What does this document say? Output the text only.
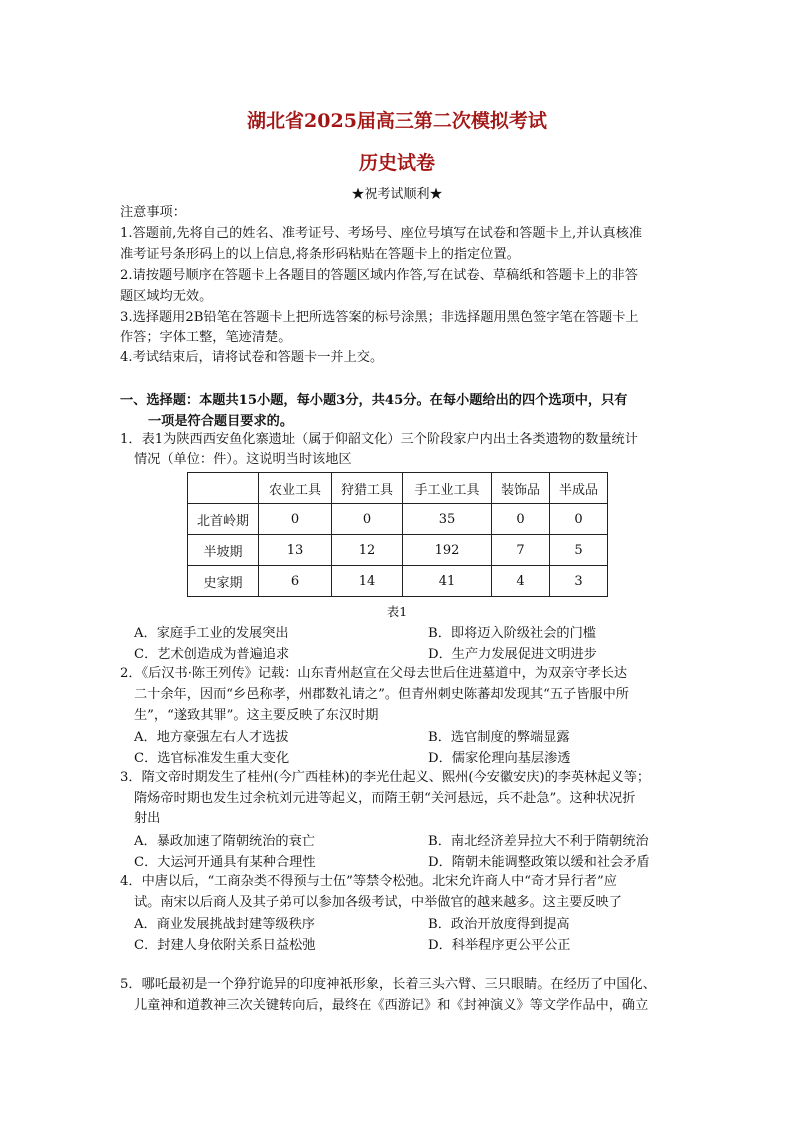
湖北省2025届高三第二次模拟考试
历史试卷
★祝考试顺利★
注意事项：
1.答题前,先将自己的姓名、准考证号、考场号、座位号填写在试卷和答题卡上,并认真核准
准考证号条形码上的以上信息,将条形码粘贴在答题卡上的指定位置。
2.请按题号顺序在答题卡上各题目的答题区域内作答,写在试卷、草稿纸和答题卡上的非答
题区域均无效。
3.选择题用2B铅笔在答题卡上把所选答案的标号涂黑；非选择题用黑色签字笔在答题卡上
作答；字体工整，笔迹清楚。
4.考试结束后，请将试卷和答题卡一并上交。
一、选择题：本题共15小题，每小题3分，共45分。在每小题给出的四个选项中，只有
一项是符合题目要求的。
1．表1为陕西西安鱼化寨遗址（属于仰韶文化）三个阶段家户内出土各类遗物的数量统计
情况（单位：件）。这说明当时该地区
	农业工具	狩猎工具	手工业工具	装饰品	半成品
北首岭期	0	0	35	0	0
半坡期	13	12	192	7	5
史家期	6	14	41	4	3
表1
A．家庭手工业的发展突出	B．即将迈入阶级社会的门槛
C．艺术创造成为普遍追求	D．生产力发展促进文明进步
2．《后汉书·陈王列传》记载：山东青州赵宣在父母去世后住进墓道中，为双亲守孝长达
二十余年，因而“乡邑称孝，州郡数礼请之”。但青州刺史陈蕃却发现其“五子皆服中所
生”，“遂致其罪”。这主要反映了东汉时期
A．地方豪强左右人才选拔	B．选官制度的弊端显露
C．选官标准发生重大变化	D．儒家伦理向基层渗透
3．隋文帝时期发生了桂州(今广西桂林)的李光仕起义、熙州(今安徽安庆)的李英林起义等；
隋炀帝时期也发生过余杭刘元进等起义，而隋王朝“关河悬远，兵不赴急”。这种状况折
射出
A．暴政加速了隋朝统治的衰亡	B．南北经济差异拉大不利于隋朝统治
C．大运河开通具有某种合理性	D．隋朝未能调整政策以缓和社会矛盾
4．中唐以后，“工商杂类不得预与士伍”等禁令松弛。北宋允许商人中“奇才异行者”应
试。南宋以后商人及其子弟可以参加各级考试，中举做官的越来越多。这主要反映了
A．商业发展挑战封建等级秩序	B．政治开放度得到提高
C．封建人身依附关系日益松弛	D．科举程序更公平公正
5．哪吒最初是一个狰狞诡异的印度神祇形象，长着三头六臂、三只眼睛。在经历了中国化、
儿童神和道教神三次关键转向后，最终在《西游记》和《封神演义》等文学作品中，确立
